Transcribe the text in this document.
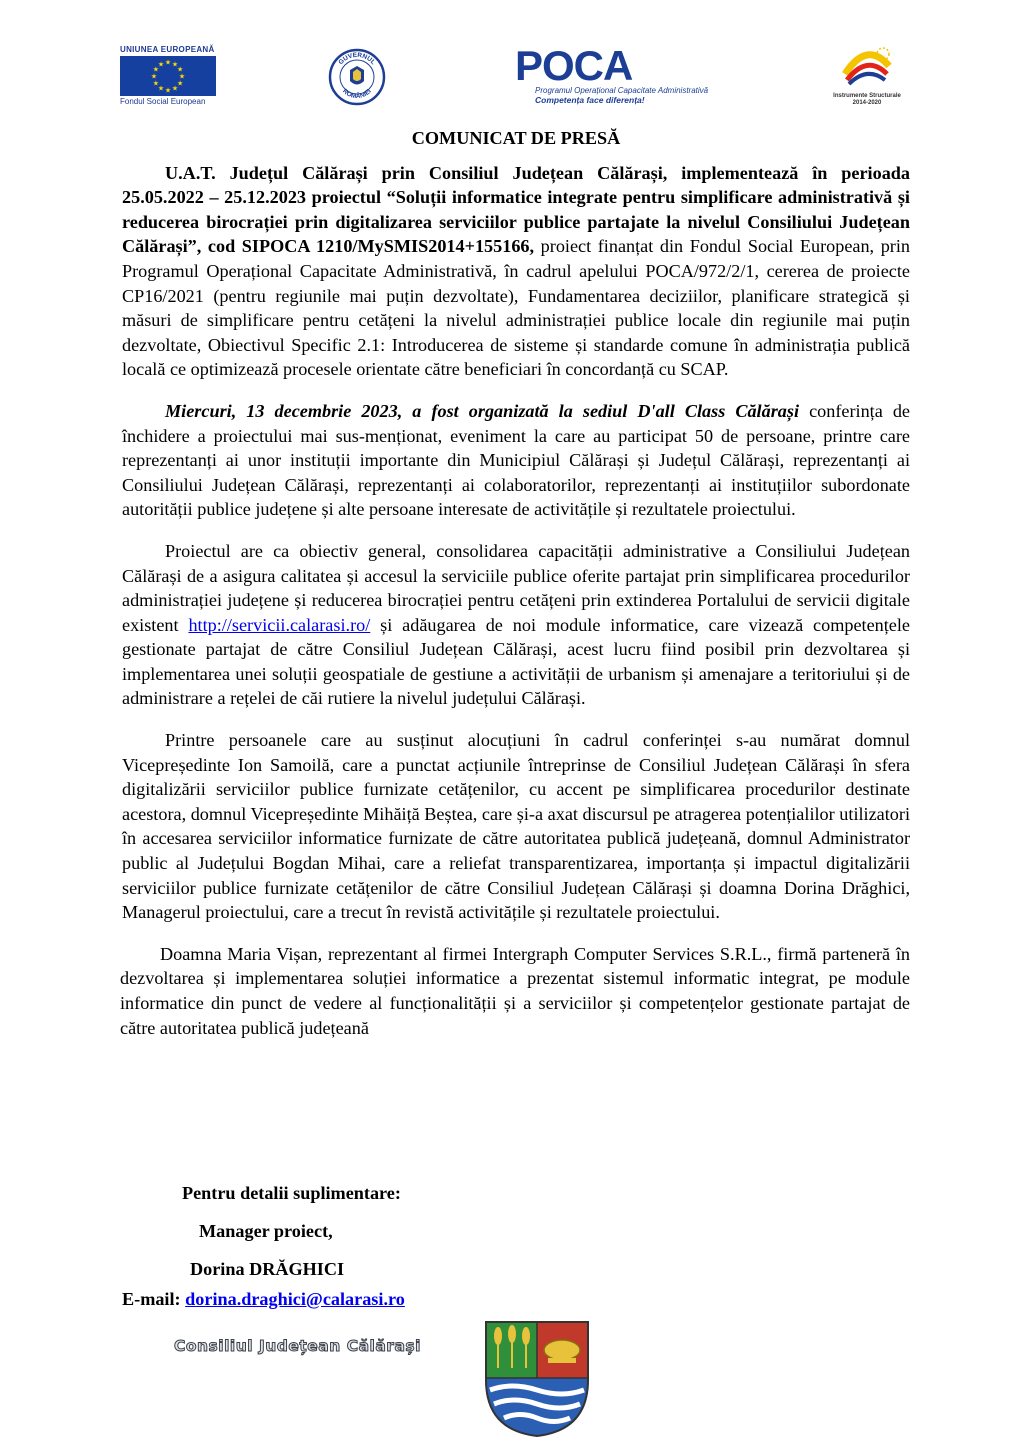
UNIUNEA EUROPEANĂ
★ ★
★
★
★
★
★
★
★
★
★
★
Fondul Social European
GUVERNUL
ROMÂNIEI
POCA
Programul Operațional Capacitate Administrativă
Competența face diferența!	Instrumente Structurale
2014-2020
COMUNICAT DE PRESĂ

U.A.T. Județul Călărași prin Consiliul Județean Călărași, implementează în perioada 25.05.2022 – 25.12.2023 proiectul “Soluții informatice integrate pentru simplificare administrativă și reducerea birocrației prin digitalizarea serviciilor publice partajate la nivelul Consiliului Județean Călărași”, cod SIPOCA 1210/MySMIS2014+155166, proiect finanțat din Fondul Social European, prin Programul Operațional Capacitate Administrativă, în cadrul apelului POCA/972/2/1, cererea de proiecte CP16/2021 (pentru regiunile mai puțin dezvoltate), Fundamentarea deciziilor, planificare strategică și măsuri de simplificare pentru cetățeni la nivelul administrației publice locale din regiunile mai puțin dezvoltate, Obiectivul Specific 2.1: Introducerea de sisteme și standarde comune în administrația publică locală ce optimizează procesele orientate către beneficiari în concordanță cu SCAP.

Miercuri, 13 decembrie 2023, a fost organizată la sediul D'all Class Călărași conferința de închidere a proiectului mai sus-menționat, eveniment la care au participat 50 de persoane, printre care reprezentanți ai unor instituții importante din Municipiul Călărași și Județul Călărași, reprezentanți ai Consiliului Județean Călărași, reprezentanți ai colaboratorilor, reprezentanți ai instituțiilor subordonate autorității publice județene și alte persoane interesate de activitățile și rezultatele proiectului.

Proiectul are ca obiectiv general, consolidarea capacității administrative a Consiliului Județean Călărași de a asigura calitatea și accesul la serviciile publice oferite partajat prin simplificarea procedurilor administrației județene și reducerea birocrației pentru cetățeni prin extinderea Portalului de servicii digitale existent http://servicii.calarasi.ro/ și adăugarea de noi module informatice, care vizează competențele gestionate partajat de către Consiliul Județean Călărași, acest lucru fiind posibil prin dezvoltarea și implementarea unei soluții geospatiale de gestiune a activității de urbanism și amenajare a teritoriului și de administrare a rețelei de căi rutiere la nivelul județului Călărași.

Printre persoanele care au susținut alocuțiuni în cadrul conferinței s-au numărat domnul Vicepreședinte Ion Samoilă, care a punctat acțiunile întreprinse de Consiliul Județean Călărași în sfera digitalizării serviciilor publice furnizate cetățenilor, cu accent pe simplificarea procedurilor destinate acestora, domnul Vicepreședinte Mihăiță Beștea, care și-a axat discursul pe atragerea potențialilor utilizatori în accesarea serviciilor informatice furnizate de către autoritatea publică județeană, domnul Administrator public al Județului Bogdan Mihai, care a reliefat transparentizarea, importanța și impactul digitalizării serviciilor publice furnizate cetățenilor de către Consiliul Județean Călărași și doamna Dorina Drăghici, Managerul proiectului, care a trecut în revistă activitățile și rezultatele proiectului.

Doamna Maria Vișan, reprezentant al firmei Intergraph Computer Services S.R.L., firmă parteneră în dezvoltarea și implementarea soluției informatice a prezentat sistemul informatic integrat, pe module informatice din punct de vedere al funcționalității și a serviciilor și competențelor gestionate partajat de către autoritatea publică județeană

Pentru detalii suplimentare:
Manager proiect,
Dorina DRĂGHICI
E-mail: dorina.draghici@calarasi.ro
Consiliul Județean Călărași
